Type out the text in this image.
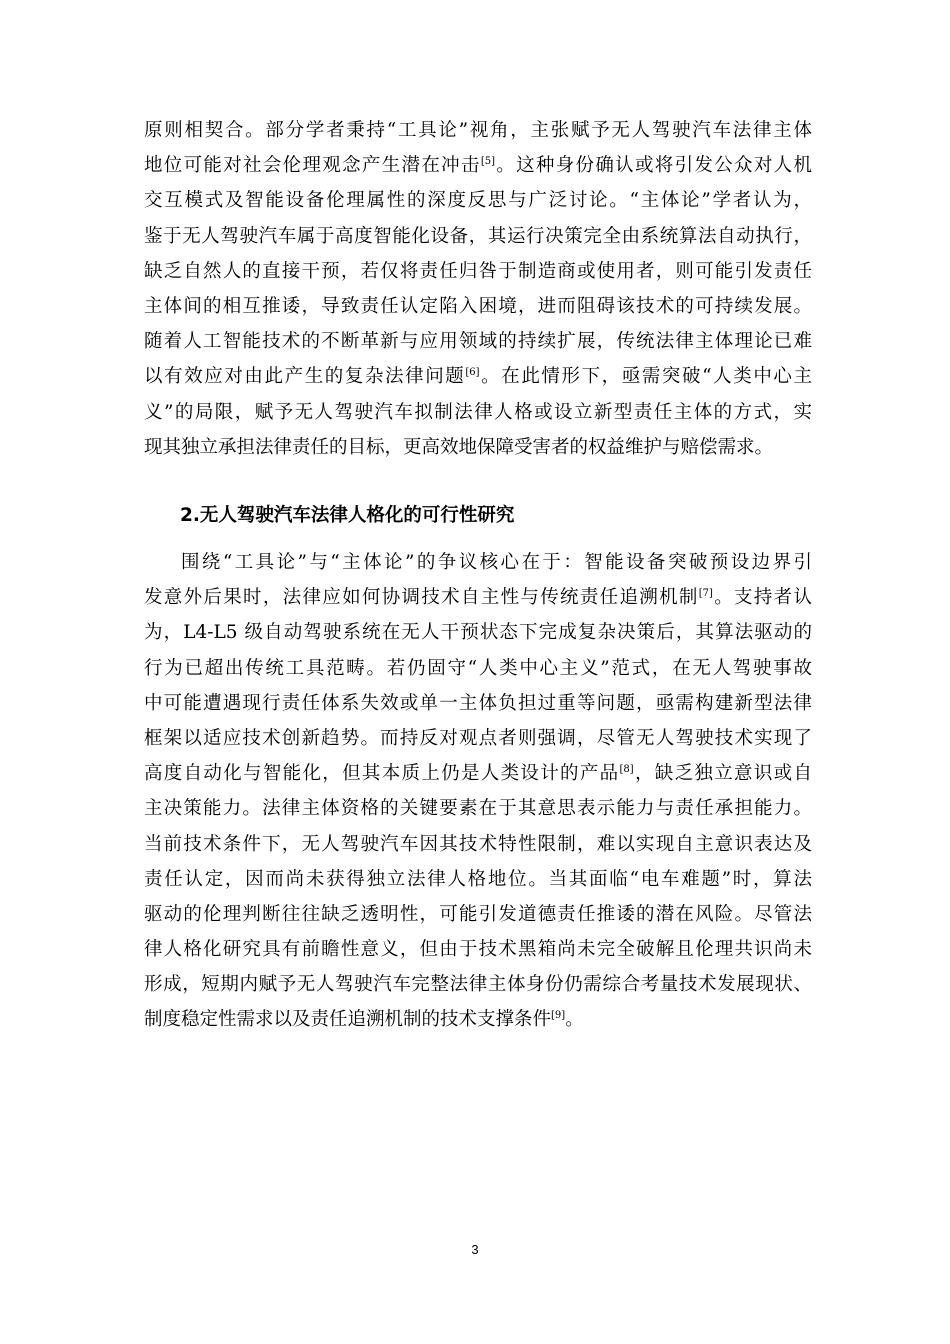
原则相契合。部分学者秉持“工具论”视角，主张赋予无人驾驶汽车法律主体
地位可能对社会伦理观念产生潜在冲击[5]。这种身份确认或将引发公众对人机
交互模式及智能设备伦理属性的深度反思与广泛讨论。“主体论”学者认为，
鉴于无人驾驶汽车属于高度智能化设备，其运行决策完全由系统算法自动执行，
缺乏自然人的直接干预，若仅将责任归咎于制造商或使用者，则可能引发责任
主体间的相互推诿，导致责任认定陷入困境，进而阻碍该技术的可持续发展。
随着人工智能技术的不断革新与应用领域的持续扩展，传统法律主体理论已难
以有效应对由此产生的复杂法律问题[6]。在此情形下，亟需突破“人类中心主
义”的局限，赋予无人驾驶汽车拟制法律人格或设立新型责任主体的方式，实
现其独立承担法律责任的目标，更高效地保障受害者的权益维护与赔偿需求。
2.无人驾驶汽车法律人格化的可行性研究
围绕“工具论”与“主体论”的争议核心在于：智能设备突破预设边界引
发意外后果时，法律应如何协调技术自主性与传统责任追溯机制[7]。支持者认
为，L4-L5 级自动驾驶系统在无人干预状态下完成复杂决策后，其算法驱动的
行为已超出传统工具范畴。若仍固守“人类中心主义”范式，在无人驾驶事故
中可能遭遇现行责任体系失效或单一主体负担过重等问题，亟需构建新型法律
框架以适应技术创新趋势。而持反对观点者则强调，尽管无人驾驶技术实现了
高度自动化与智能化，但其本质上仍是人类设计的产品[8]，缺乏独立意识或自
主决策能力。法律主体资格的关键要素在于其意思表示能力与责任承担能力。
当前技术条件下，无人驾驶汽车因其技术特性限制，难以实现自主意识表达及
责任认定，因而尚未获得独立法律人格地位。当其面临“电车难题”时，算法
驱动的伦理判断往往缺乏透明性，可能引发道德责任推诿的潜在风险。尽管法
律人格化研究具有前瞻性意义，但由于技术黑箱尚未完全破解且伦理共识尚未
形成，短期内赋予无人驾驶汽车完整法律主体身份仍需综合考量技术发展现状、
制度稳定性需求以及责任追溯机制的技术支撑条件[9]。
3
